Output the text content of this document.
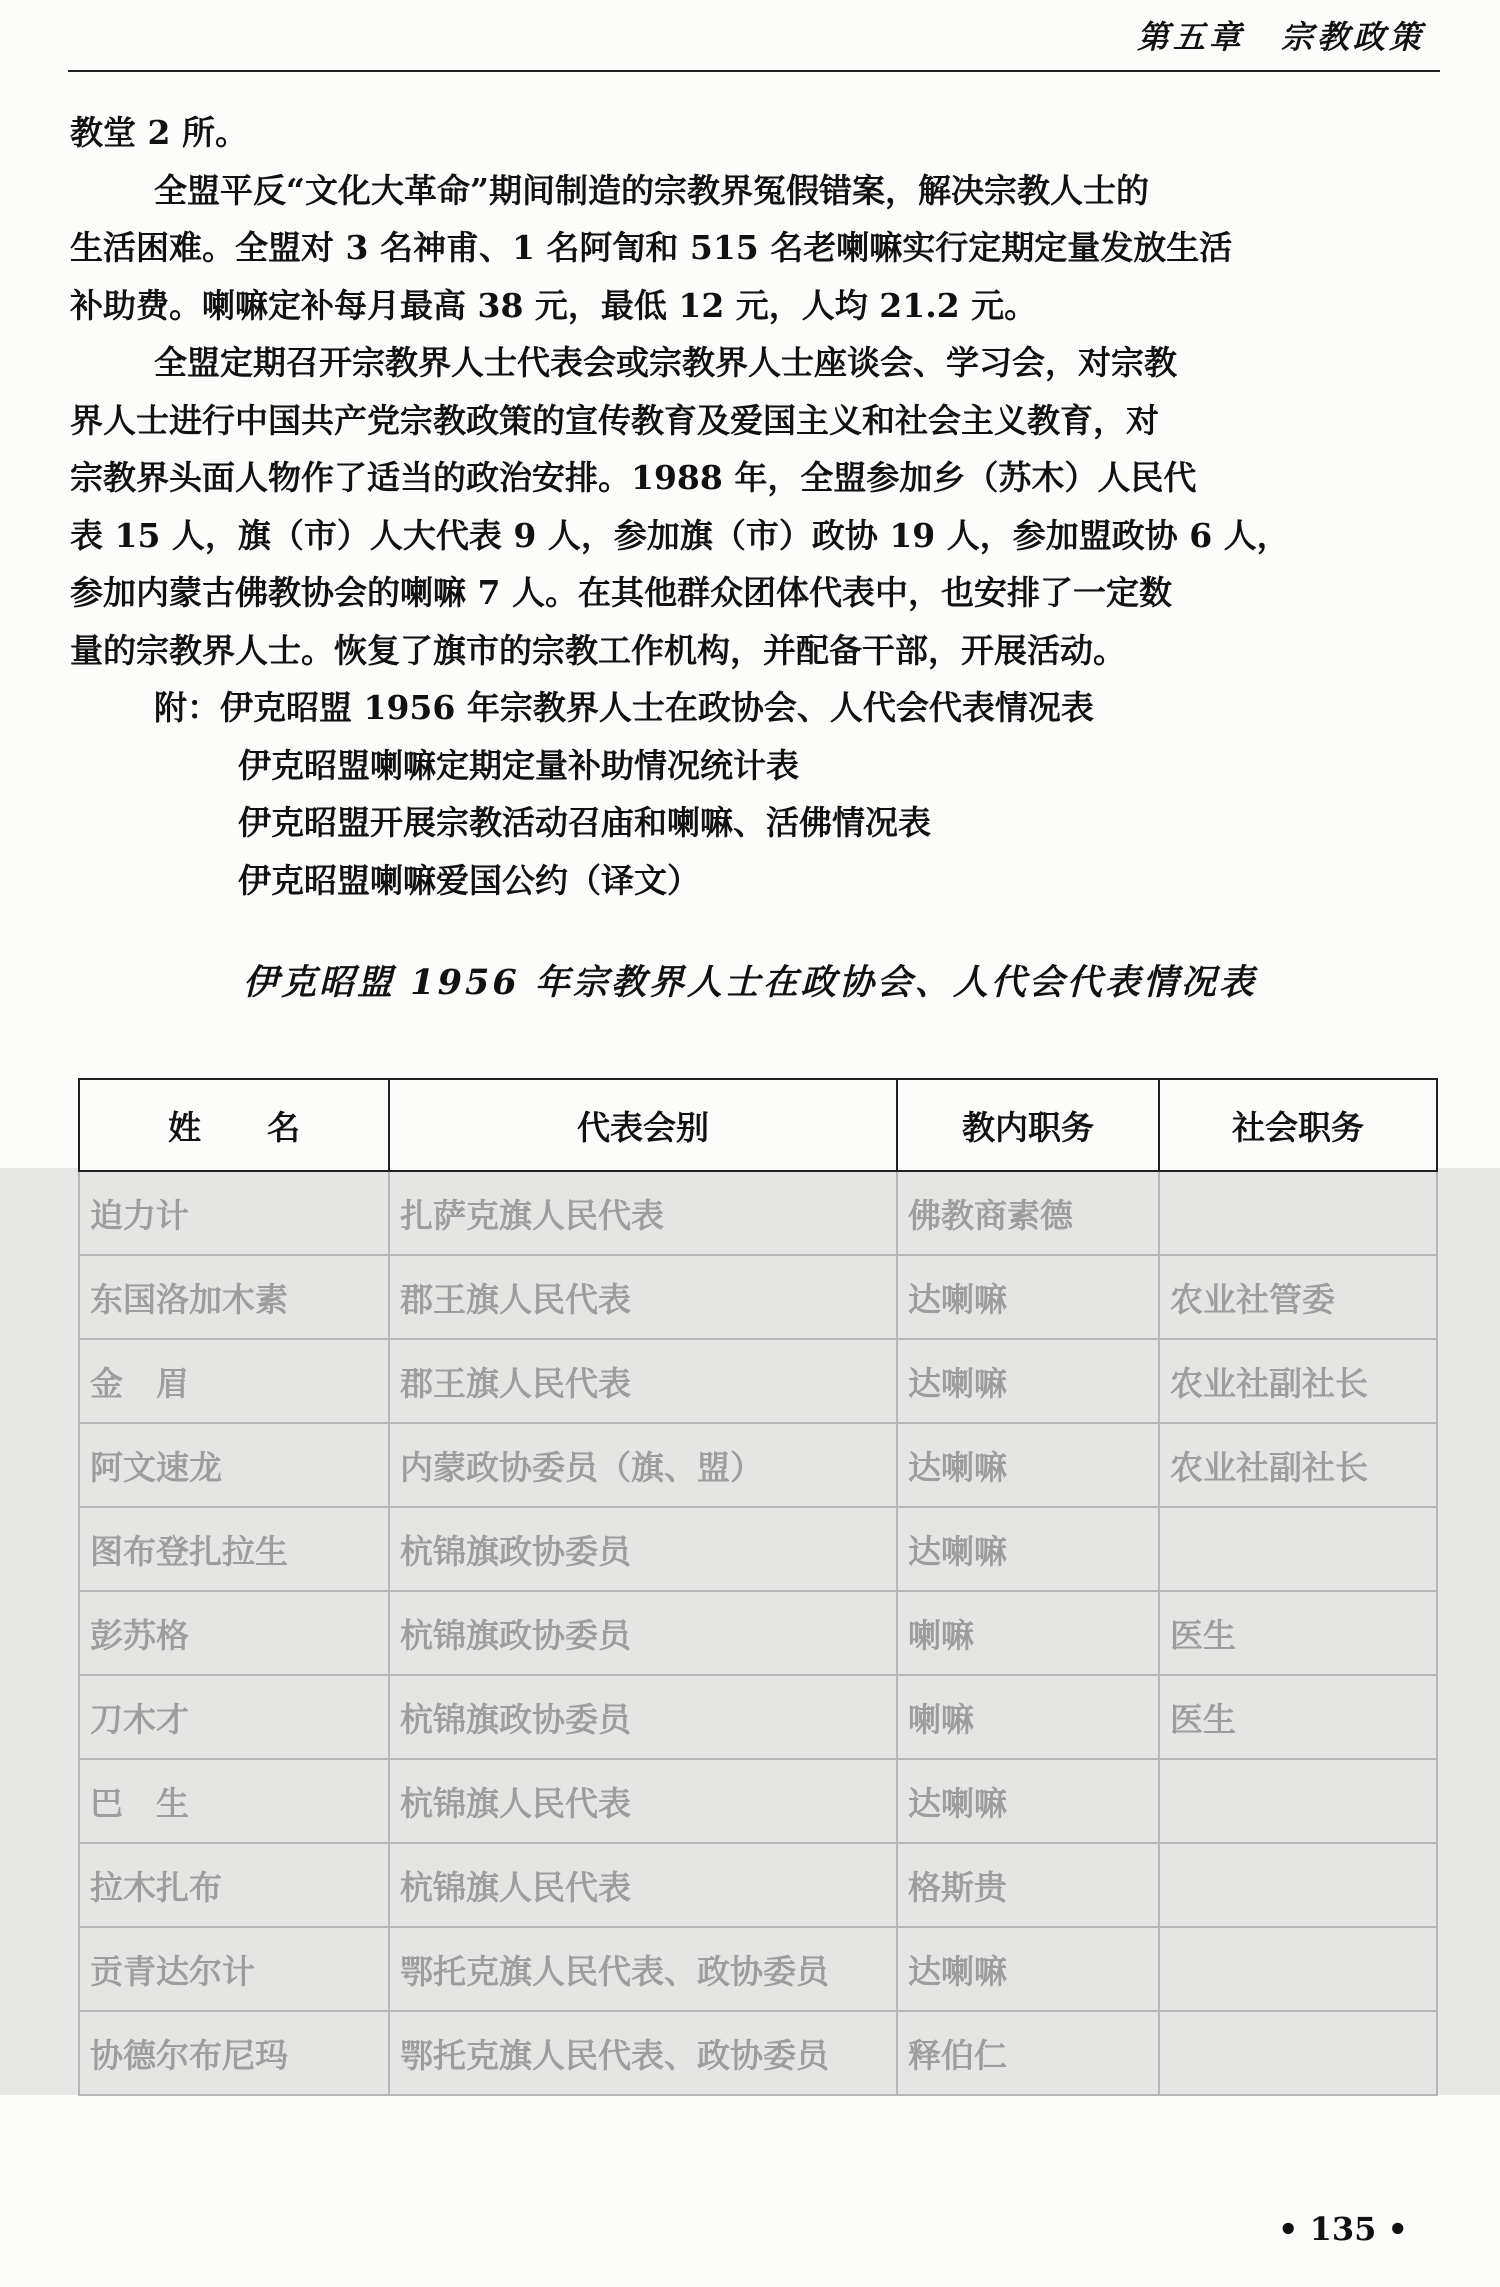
第五章　宗教政策

教堂 2 所。

全盟平反“文化大革命”期间制造的宗教界冤假错案，解决宗教人士的

生活困难。全盟对 3 名神甫、1 名阿訇和 515 名老喇嘛实行定期定量发放生活

补助费。喇嘛定补每月最高 38 元，最低 12 元，人均 21.2 元。

全盟定期召开宗教界人士代表会或宗教界人士座谈会、学习会，对宗教

界人士进行中国共产党宗教政策的宣传教育及爱国主义和社会主义教育，对

宗教界头面人物作了适当的政治安排。1988 年，全盟参加乡（苏木）人民代

表 15 人，旗（市）人大代表 9 人，参加旗（市）政协 19 人，参加盟政协 6 人，

参加内蒙古佛教协会的喇嘛 7 人。在其他群众团体代表中，也安排了一定数

量的宗教界人士。恢复了旗市的宗教工作机构，并配备干部，开展活动。

附：伊克昭盟 1956 年宗教界人士在政协会、人代会代表情况表

伊克昭盟喇嘛定期定量补助情况统计表

伊克昭盟开展宗教活动召庙和喇嘛、活佛情况表

伊克昭盟喇嘛爱国公约（译文）

伊克昭盟 1956 年宗教界人士在政协会、人代会代表情况表
姓　　名	代表会别	教内职务	社会职务
迫力计	扎萨克旗人民代表	佛教商素德	
东国洛加木素	郡王旗人民代表	达喇嘛	农业社管委
金　眉	郡王旗人民代表	达喇嘛	农业社副社长
阿文速龙	内蒙政协委员（旗、盟）	达喇嘛	农业社副社长
图布登扎拉生	杭锦旗政协委员	达喇嘛	
彭苏格	杭锦旗政协委员	喇嘛	医生
刀木才	杭锦旗政协委员	喇嘛	医生
巴　生	杭锦旗人民代表	达喇嘛	
拉木扎布	杭锦旗人民代表	格斯贵	
贡青达尔计	鄂托克旗人民代表、政协委员	达喇嘛	
协德尔布尼玛	鄂托克旗人民代表、政协委员	释伯仁	
• 135 •
